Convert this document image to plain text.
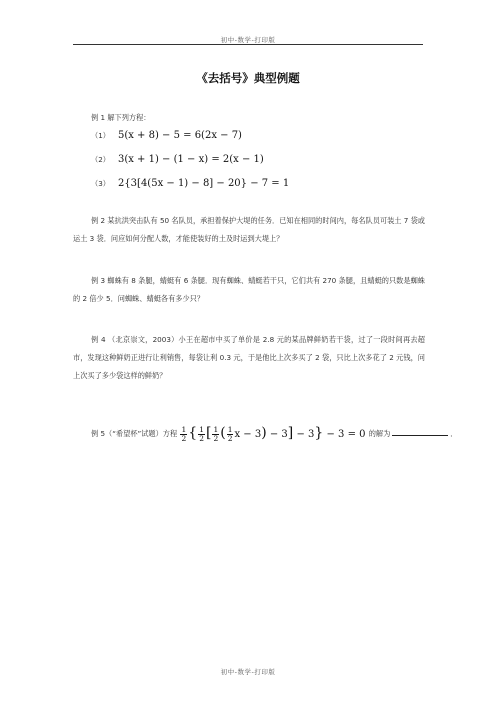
初中-数学-打印版
《去括号》典型例题
例 1 解下列方程：
（1） 5(x + 8) − 5 = 6(2x − 7)
（2） 3(x + 1) − (1 − x) = 2(x − 1)
（3） 2{3[4(5x − 1) − 8] − 20} − 7 = 1
例 2 某抗洪突击队有 50 名队员，承担着保护大堤的任务．已知在相同的时间内，每名队员可装土 7 袋或运土 3 袋．问应如何分配人数，才能使装好的土及时运到大堤上？
例 3 蜘蛛有 8 条腿，蜻蜓有 6 条腿．现有蜘蛛、蜻蜓若干只，它们共有 270 条腿，且蜻蜓的只数是蜘蛛的 2 倍少 5．问蜘蛛、蜻蜓各有多少只？
例 4 （北京崇文，2003）小王在超市中买了单价是 2.8 元的某品牌鲜奶若干袋，过了一段时间再去超市，发现这种鲜奶正进行让利销售，每袋让利 0.3 元，于是他比上次多买了 2 袋，只比上次多花了 2 元钱，问上次买了多少袋这样的鲜奶？
例 5（“希望杯”试题）方程 $\frac{1}{2}$ { $\frac{1}{2}$ [ $\frac{1}{2}$ ( $\frac{1}{2}$ x − 3) − 3] − 3} − 3 = 0 的解为	．
初中-数学-打印版
